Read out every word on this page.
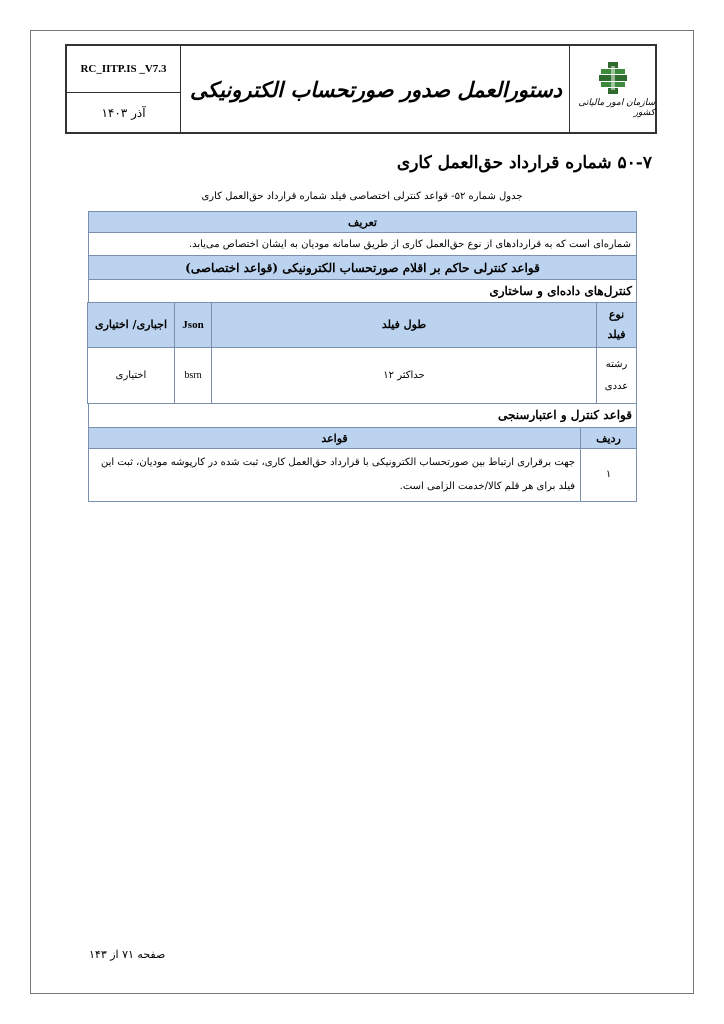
RC_IITP.IS _V7.3
آذر ۱۴۰۳
دستورالعمل صدور صورتحساب الکترونیکی
سازمان امور مالیاتی کشور
۵۰-۷ شماره قرارداد حق‌العمل کاری
جدول شماره ۵۲- قواعد کنترلی اختصاصی فیلد شماره قرارداد حق‌العمل کاری
تعریف
شماره‌ای است که به قراردادهای از نوع حق‌العمل کاری از طریق سامانه مودیان به ایشان اختصاص می‌یابد.
قواعد کنترلی حاکم بر اقلام صورتحساب الکترونیکی (قواعد اختصاصی)
کنترل‌های داده‌ای و ساختاری
نوع فیلد	طول فیلد	Json	اجباری/ اختیاری
رشته عددی	حداکثر ۱۲	bsrn	اختیاری
قواعد کنترل و اعتبارسنجی
ردیف	قواعد
۱	جهت برقراری ارتباط بین صورتحساب الکترونیکی با قرارداد حق‌العمل کاری، ثبت شده در کارپوشه مودیان، ثبت این فیلد برای هر قلم کالا/خدمت الزامی است.
صفحه ۷۱ از ۱۴۳
